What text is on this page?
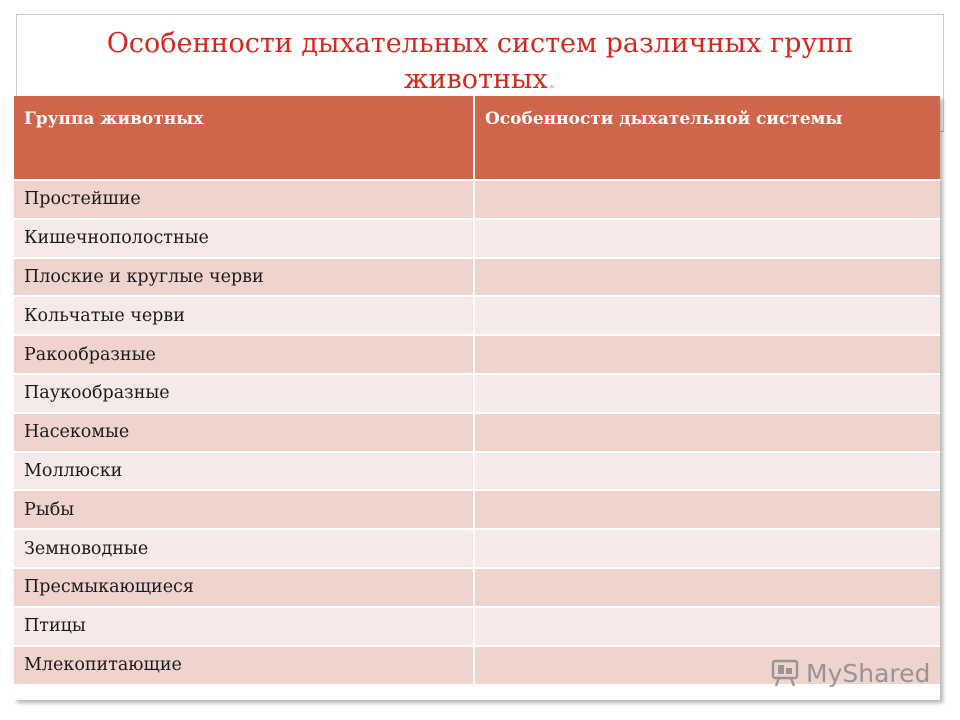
Особенности дыхательных систем различных групп животных.
Группа животных	Особенности дыхательной системы
Простейшие	
Кишечнополостные	
Плоские и круглые черви	
Кольчатые черви	
Ракообразные	
Паукообразные	
Насекомые	
Моллюски	
Рыбы	
Земноводные	
Пресмыкающиеся	
Птицы	
Млекопитающие		MyShared
